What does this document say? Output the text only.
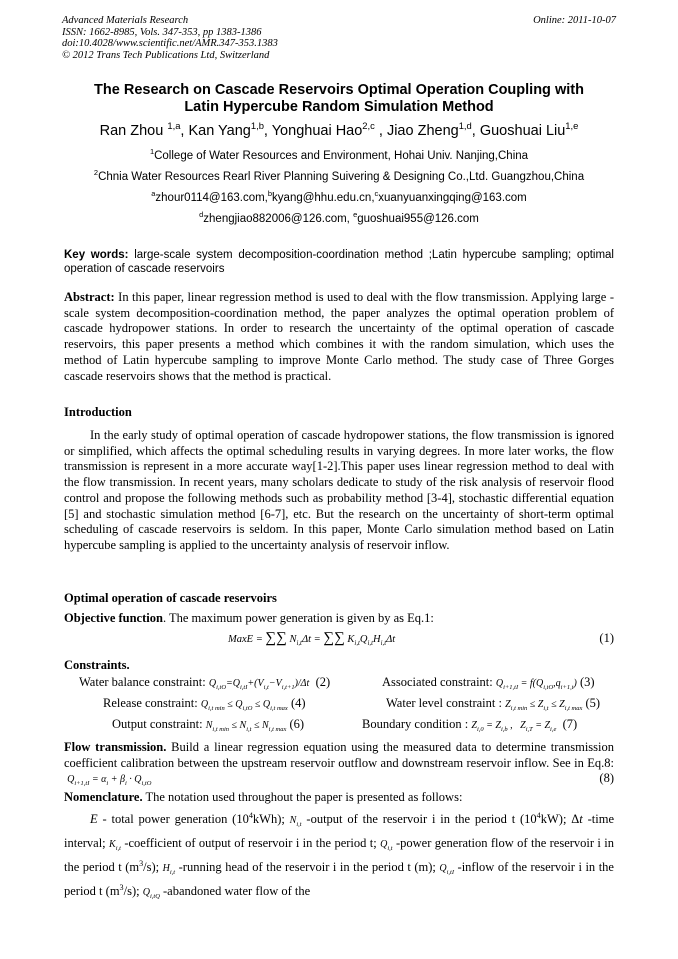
Advanced Materials Research
ISSN: 1662-8985, Vols. 347-353, pp 1383-1386
doi:10.4028/www.scientific.net/AMR.347-353.1383
© 2012 Trans Tech Publications Ltd, Switzerland
Online: 2011-10-07
The Research on Cascade Reservoirs Optimal Operation Coupling with
Latin Hypercube Random Simulation Method
Ran Zhou $^{1,a}$, Kan Yang$^{1,b}$, Yonghuai Hao$^{2,c}$ , Jiao Zheng$^{1,d}$, Guoshuai Liu$^{1,e}$
$^1$College of Water Resources and Environment, Hohai Univ. Nanjing,China
$^2$Chnia Water Resources Rearl River Planning Suivering & Designing Co.,Ltd. Guangzhou,China
$^a$zhour0114@163.com,$^b$kyang@hhu.edu.cn,$^c$xuanyuanxingqing@163.com
$^d$zhengjiao882006@126.com, $^e$guoshuai955@126.com
Key words: large-scale system decomposition-coordination method ;Latin hypercube sampling; optimal operation of cascade reservoirs
Abstract: In this paper, linear regression method is used to deal with the flow transmission. Applying large -scale system decomposition-coordination method, the paper analyzes the optimal operation problem of cascade hydropower stations. In order to research the uncertainty of the optimal operation of cascade reservoirs, this paper presents a method which combines it with the random simulation, which uses the method of Latin hypercube sampling to improve Monte Carlo method. The study case of Three Gorges cascade reservoirs shows that the method is practical.
Introduction
In the early study of optimal operation of cascade hydropower stations, the flow transmission is ignored or simplified, which affects the optimal scheduling results in varying degrees. In more later works, the flow transmission is represent in a more accurate way[1-2].This paper uses linear regression method to deal with the flow transmission. In recent years, many scholars dedicate to study of the risk analysis of reservoir flood control and propose the following methods such as probability method [3-4], stochastic differential equation [5] and stochastic simulation method [6-7], etc. But the research on the uncertainty of short-term optimal scheduling of cascade reservoirs is seldom. In this paper, Monte Carlo simulation method based on Latin hypercube sampling is applied to the uncertainty analysis of reservoir inflow.
Optimal operation of cascade reservoirs
Objective function. The maximum power generation is given by as Eq.1:
MaxE = ∑∑ $N_{i,t}\Delta t$ = ∑∑ $K_{i,t}Q_{i,t}H_{i,t}\Delta t$	(1)
Constraints.
Water balance constraint: $Q_{i,tO}=Q_{i,tI}+(V_{i,t}-V_{i,t+1})/\Delta t$ (2)	Associated constraint: $Q_{i+1,tI} = f(Q_{i,tO},q_{i+1,t})$ (3)
Release constraint: $Q_{i,t min} \le Q_{i,tO} \le Q_{i,t max}$ (4)	Water level constraint : $Z_{i,t min} \le Z_{i,t} \le Z_{i,t max}$ (5)
Output constraint: $N_{i,t min} \le N_{i,t} \le N_{i,t max}$ (6)	Boundary condition : $Z_{i,0} = Z_{i,b}$ ,   $Z_{i,T} = Z_{i,e}$ (7)
Flow transmission. Build a linear regression equation using the measured data to determine transmission coefficient calibration between the upstream reservoir outflow and downstream reservoir inflow. See in Eq.8:  $Q_{i+1,tI} = \alpha_i + \beta_i \cdot Q_{i,tO}$	(8)
Nomenclature. The notation used throughout the paper is presented as follows:
E - total power generation $(10^4kWh)$; $N_{i,t}$ -output of the reservoir i in the period t $(10^4kW)$; Δt -time interval; $K_{i,t}$ -coefficient of output of reservoir i in the period t; $Q_{i,t}$ -power generation flow of the reservoir i in the period t $(m^3/s)$; $H_{i,t}$ -running head of the reservoir i in the period t (m); $Q_{i,tI}$ -inflow of the reservoir i in the period t $(m^3/s)$; $Q_{i,tQ}$ -abandoned water flow of the
